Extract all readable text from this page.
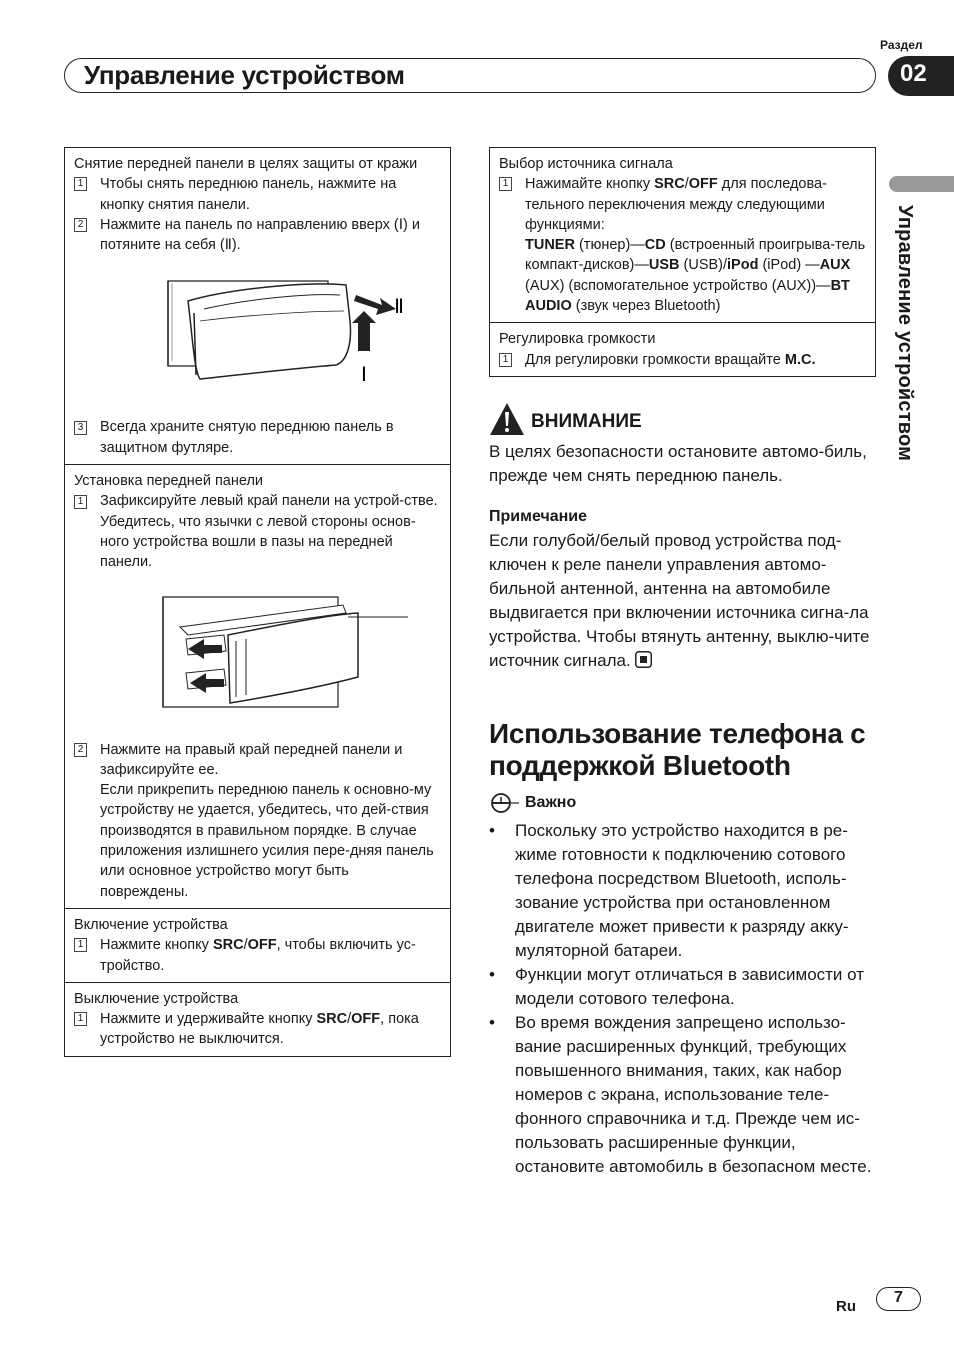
Раздел
Управление устройством	02
Управление устройством
Снятие передней панели в целях защиты от кражи
1	Чтобы снять переднюю панель, нажмите на кнопку снятия панели.
2	Нажмите на панель по направлению вверх (Ⅰ) и потяните на себя (Ⅱ).
Ⅱ
Ⅰ
3	Всегда храните снятую переднюю панель в защитном футляре.
Установка передней панели
1	Зафиксируйте левый край панели на устрой-стве.
Убедитесь, что язычки с левой стороны основ-ного устройства вошли в пазы на передней панели.
2	Нажмите на правый край передней панели и зафиксируйте ее.
Если прикрепить переднюю панель к основно-му устройству не удается, убедитесь, что дей-ствия производятся в правильном порядке. В случае приложения излишнего усилия пере-дняя панель или основное устройство могут быть повреждены.
Включение устройства
1	Нажмите кнопку SRC/OFF, чтобы включить ус-тройство.
Выключение устройства
1	Нажмите и удерживайте кнопку SRC/OFF, пока устройство не выключится.
Выбор источника сигнала
1	Нажимайте кнопку SRC/OFF для последова-тельного переключения между следующими функциями:
TUNER (тюнер)—CD (встроенный проигрыва-тель компакт-дисков)—USB (USB)/iPod (iPod) —AUX (AUX) (вспомогательное устройство (AUX))—BT AUDIO (звук через Bluetooth)
Регулировка громкости
1	Для регулировки громкости вращайте M.C.
ВНИМАНИЕ
В целях безопасности остановите автомо-биль, прежде чем снять переднюю панель.
Примечание
Если голубой/белый провод устройства под-ключен к реле панели управления автомо-бильной антенной, антенна на автомобиле выдвигается при включении источника сигна-ла устройства. Чтобы втянуть антенну, выклю-чите источник сигнала.
Использование телефона с поддержкой Bluetooth
Важно
• Поскольку это устройство находится в ре-жиме готовности к подключению сотового телефона посредством Bluetooth, исполь-зование устройства при остановленном двигателе может привести к разряду акку-муляторной батареи.
• Функции могут отличаться в зависимости от модели сотового телефона.
• Во время вождения запрещено использо-вание расширенных функций, требующих повышенного внимания, таких, как набор номеров с экрана, использование теле-фонного справочника и т.д. Прежде чем ис-пользовать расширенные функции, остановите автомобиль в безопасном месте.
Ru
7
